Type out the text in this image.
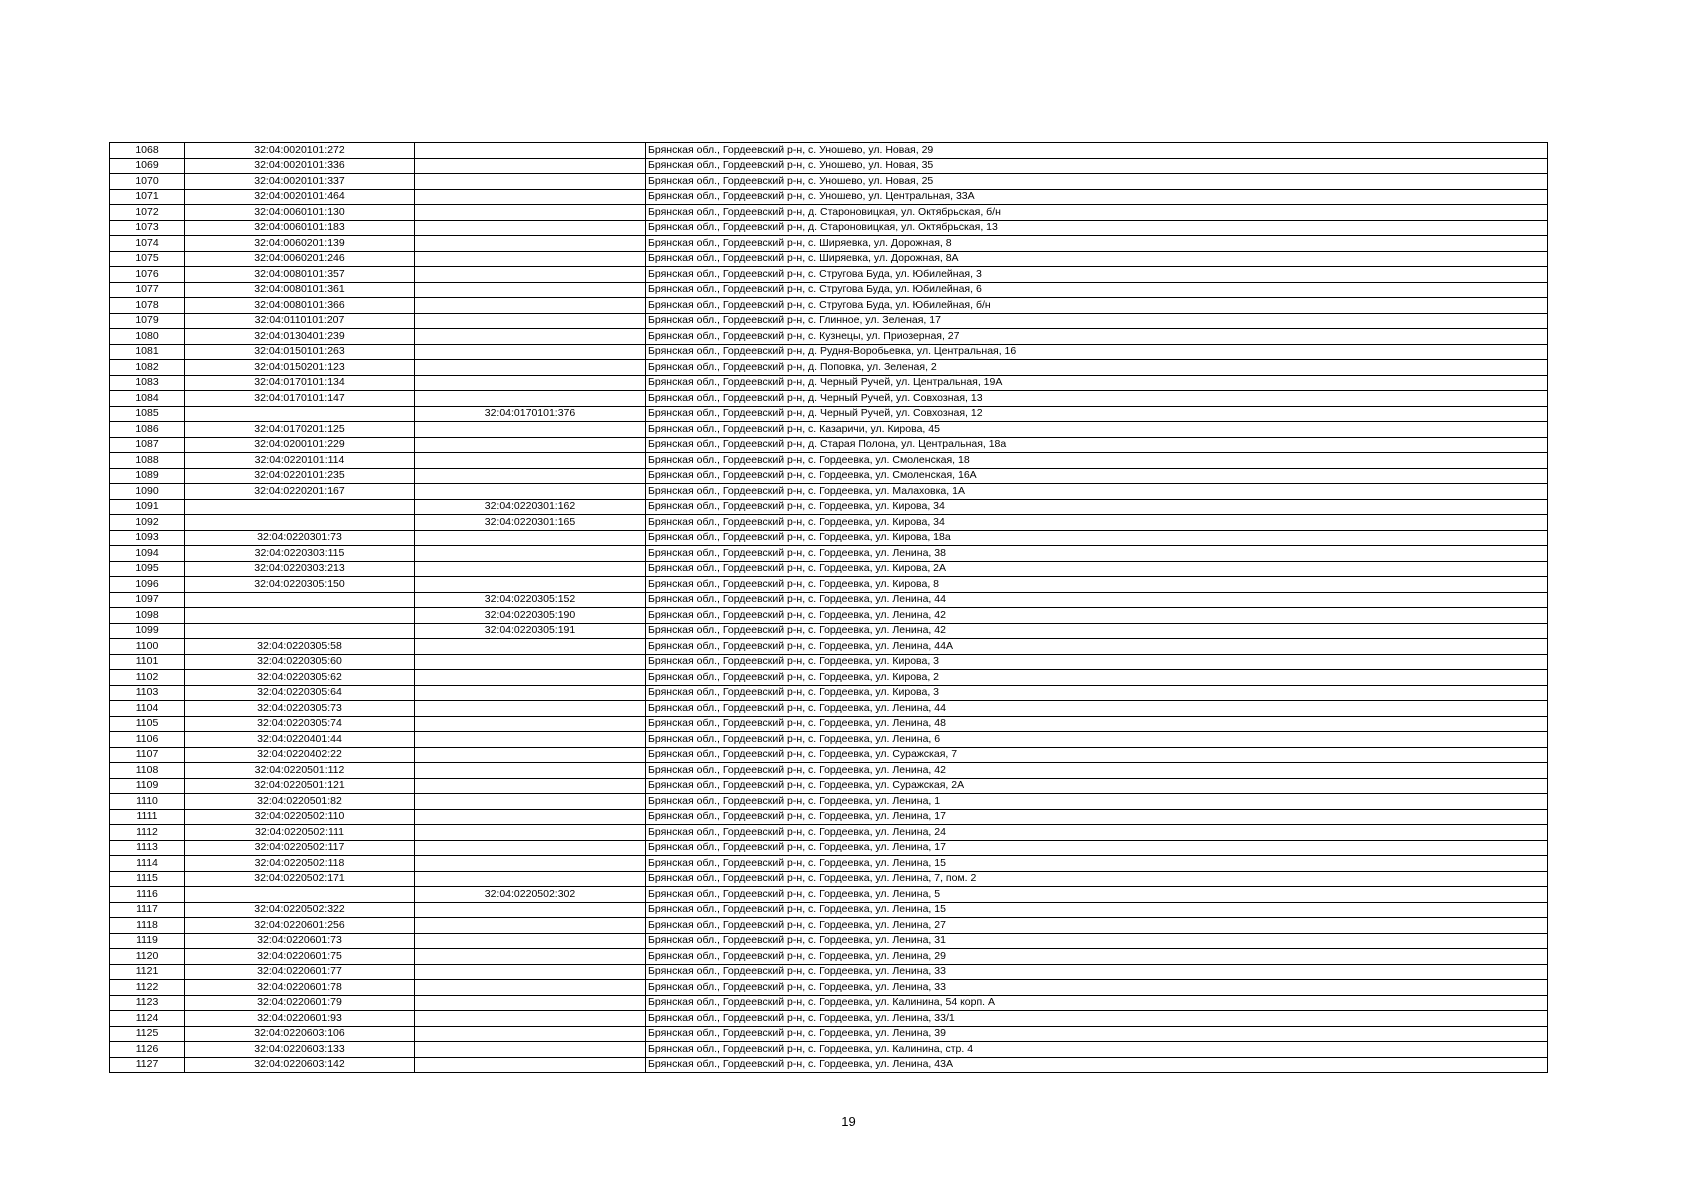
1068	32:04:0020101:272		Брянская обл., Гордеевский р-н, с. Уношево, ул. Новая, 29
1069	32:04:0020101:336		Брянская обл., Гордеевский р-н, с. Уношево, ул. Новая, 35
1070	32:04:0020101:337		Брянская обл., Гордеевский р-н, с. Уношево, ул. Новая, 25
1071	32:04:0020101:464		Брянская обл., Гордеевский р-н, с. Уношево, ул. Центральная, 33А
1072	32:04:0060101:130		Брянская обл., Гордеевский р-н, д. Староновицкая, ул. Октябрьская, б/н
1073	32:04:0060101:183		Брянская обл., Гордеевский р-н, д. Староновицкая, ул. Октябрьская, 13
1074	32:04:0060201:139		Брянская обл., Гордеевский р-н, с. Ширяевка, ул. Дорожная, 8
1075	32:04:0060201:246		Брянская обл., Гордеевский р-н, с. Ширяевка, ул. Дорожная, 8А
1076	32:04:0080101:357		Брянская обл., Гордеевский р-н, с. Стругова Буда, ул. Юбилейная, 3
1077	32:04:0080101:361		Брянская обл., Гордеевский р-н, с. Стругова Буда, ул. Юбилейная, 6
1078	32:04:0080101:366		Брянская обл., Гордеевский р-н, с. Стругова Буда, ул. Юбилейная, б/н
1079	32:04:0110101:207		Брянская обл., Гордеевский р-н, с. Глинное, ул. Зеленая, 17
1080	32:04:0130401:239		Брянская обл., Гордеевский р-н, с. Кузнецы, ул. Приозерная, 27
1081	32:04:0150101:263		Брянская обл., Гордеевский р-н, д. Рудня-Воробьевка, ул. Центральная, 16
1082	32:04:0150201:123		Брянская обл., Гордеевский р-н, д. Поповка, ул. Зеленая, 2
1083	32:04:0170101:134		Брянская обл., Гордеевский р-н, д. Черный Ручей, ул. Центральная, 19А
1084	32:04:0170101:147		Брянская обл., Гордеевский р-н, д. Черный Ручей, ул. Совхозная, 13
1085		32:04:0170101:376	Брянская обл., Гордеевский р-н, д. Черный Ручей, ул. Совхозная, 12
1086	32:04:0170201:125		Брянская обл., Гордеевский р-н, с. Казаричи, ул. Кирова, 45
1087	32:04:0200101:229		Брянская обл., Гордеевский р-н, д. Старая Полона, ул. Центральная, 18а
1088	32:04:0220101:114		Брянская обл., Гордеевский р-н, с. Гордеевка, ул. Смоленская, 18
1089	32:04:0220101:235		Брянская обл., Гордеевский р-н, с. Гордеевка, ул. Смоленская, 16А
1090	32:04:0220201:167		Брянская обл., Гордеевский р-н, с. Гордеевка, ул. Малаховка, 1А
1091		32:04:0220301:162	Брянская обл., Гордеевский р-н, с. Гордеевка, ул. Кирова, 34
1092		32:04:0220301:165	Брянская обл., Гордеевский р-н, с. Гордеевка, ул. Кирова, 34
1093	32:04:0220301:73		Брянская обл., Гордеевский р-н, с. Гордеевка, ул. Кирова, 18а
1094	32:04:0220303:115		Брянская обл., Гордеевский р-н, с. Гордеевка, ул. Ленина, 38
1095	32:04:0220303:213		Брянская обл., Гордеевский р-н, с. Гордеевка, ул. Кирова, 2А
1096	32:04:0220305:150		Брянская обл., Гордеевский р-н, с. Гордеевка, ул. Кирова, 8
1097		32:04:0220305:152	Брянская обл., Гордеевский р-н, с. Гордеевка, ул. Ленина, 44
1098		32:04:0220305:190	Брянская обл., Гордеевский р-н, с. Гордеевка, ул. Ленина, 42
1099		32:04:0220305:191	Брянская обл., Гордеевский р-н, с. Гордеевка, ул. Ленина, 42
1100	32:04:0220305:58		Брянская обл., Гордеевский р-н, с. Гордеевка, ул. Ленина, 44А
1101	32:04:0220305:60		Брянская обл., Гордеевский р-н, с. Гордеевка, ул. Кирова, 3
1102	32:04:0220305:62		Брянская обл., Гордеевский р-н, с. Гордеевка, ул. Кирова, 2
1103	32:04:0220305:64		Брянская обл., Гордеевский р-н, с. Гордеевка, ул. Кирова, 3
1104	32:04:0220305:73		Брянская обл., Гордеевский р-н, с. Гордеевка, ул. Ленина, 44
1105	32:04:0220305:74		Брянская обл., Гордеевский р-н, с. Гордеевка, ул. Ленина, 48
1106	32:04:0220401:44		Брянская обл., Гордеевский р-н, с. Гордеевка, ул. Ленина, 6
1107	32:04:0220402:22		Брянская обл., Гордеевский р-н, с. Гордеевка, ул. Суражская, 7
1108	32:04:0220501:112		Брянская обл., Гордеевский р-н, с. Гордеевка, ул. Ленина, 42
1109	32:04:0220501:121		Брянская обл., Гордеевский р-н, с. Гордеевка, ул. Суражская, 2А
1110	32:04:0220501:82		Брянская обл., Гордеевский р-н, с. Гордеевка, ул. Ленина, 1
1111	32:04:0220502:110		Брянская обл., Гордеевский р-н, с. Гордеевка, ул. Ленина, 17
1112	32:04:0220502:111		Брянская обл., Гордеевский р-н, с. Гордеевка, ул. Ленина, 24
1113	32:04:0220502:117		Брянская обл., Гордеевский р-н, с. Гордеевка, ул. Ленина, 17
1114	32:04:0220502:118		Брянская обл., Гордеевский р-н, с. Гордеевка, ул. Ленина, 15
1115	32:04:0220502:171		Брянская обл., Гордеевский р-н, с. Гордеевка, ул. Ленина, 7, пом. 2
1116		32:04:0220502:302	Брянская обл., Гордеевский р-н, с. Гордеевка, ул. Ленина, 5
1117	32:04:0220502:322		Брянская обл., Гордеевский р-н, с. Гордеевка, ул. Ленина, 15
1118	32:04:0220601:256		Брянская обл., Гордеевский р-н, с. Гордеевка, ул. Ленина, 27
1119	32:04:0220601:73		Брянская обл., Гордеевский р-н, с. Гордеевка, ул. Ленина, 31
1120	32:04:0220601:75		Брянская обл., Гордеевский р-н, с. Гордеевка, ул. Ленина, 29
1121	32:04:0220601:77		Брянская обл., Гордеевский р-н, с. Гордеевка, ул. Ленина, 33
1122	32:04:0220601:78		Брянская обл., Гордеевский р-н, с. Гордеевка, ул. Ленина, 33
1123	32:04:0220601:79		Брянская обл., Гордеевский р-н, с. Гордеевка, ул. Калинина, 54 корп. А
1124	32:04:0220601:93		Брянская обл., Гордеевский р-н, с. Гордеевка, ул. Ленина, 33/1
1125	32:04:0220603:106		Брянская обл., Гордеевский р-н, с. Гордеевка, ул. Ленина, 39
1126	32:04:0220603:133		Брянская обл., Гордеевский р-н, с. Гордеевка, ул. Калинина, стр. 4
1127	32:04:0220603:142		Брянская обл., Гордеевский р-н, с. Гордеевка, ул. Ленина, 43А
19
